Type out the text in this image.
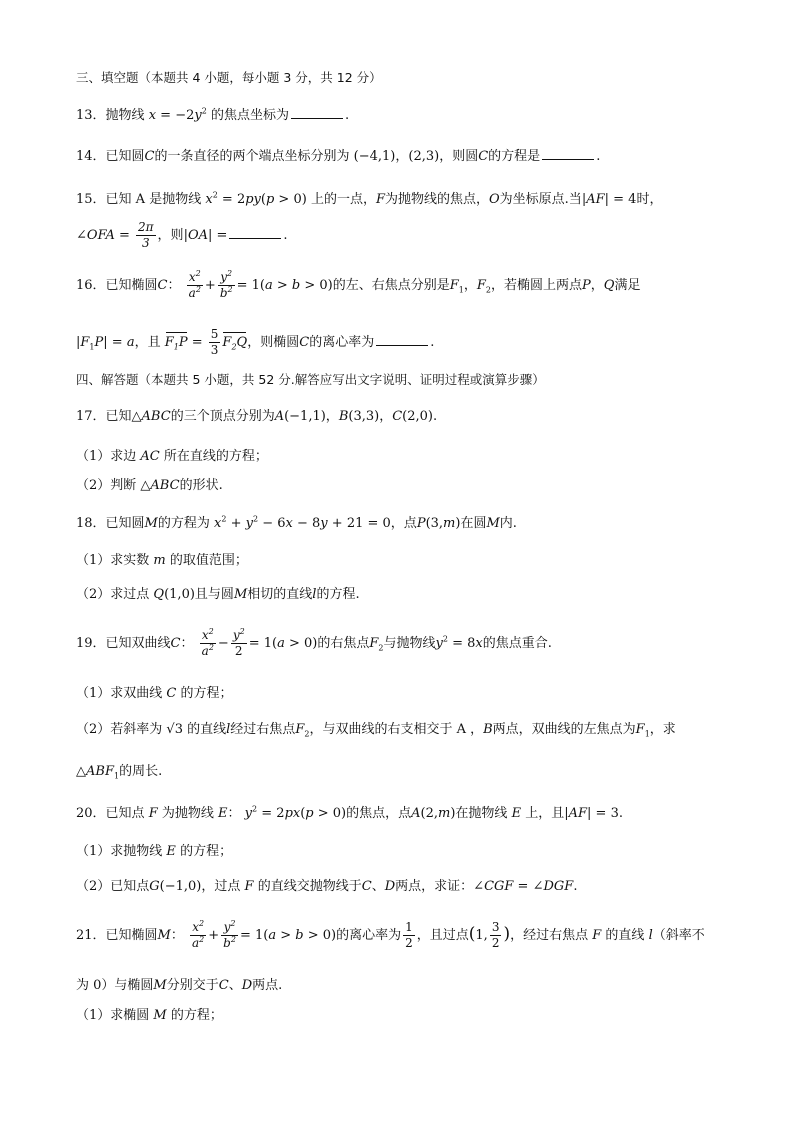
三、填空题（本题共 4 小题，每小题 3 分，共 12 分）
13．抛物线 $x = -2y^2$ 的焦点坐标为	.
14．已知圆C的一条直径的两个端点坐标分别为 (−4,1)，(2,3)，则圆C的方程是	.
15．已知 A 是抛物线 $x^2 = 2py(p > 0)$ 上的一点，F为抛物线的焦点，O为坐标原点.当|AF| = 4时，
∠OFA = $\frac{2\pi}{3}$ ，则|OA| =	.
16．已知椭圆C： $\frac{x^2}{a^2} + \frac{y^2}{b^2} = 1(a > b > 0)$的左、右焦点分别是$F_1$，$F_2$，若椭圆上两点P，Q满足
$|F_1P| = a$，且 $F_1P = \frac{5}{3} F_2Q$，则椭圆C的离心率为	.
四、解答题（本题共 5 小题，共 52 分.解答应写出文字说明、证明过程或演算步骤）
17．已知△ABC的三个顶点分别为A(−1,1)，B(3,3)，C(2,0).
（1）求边 AC 所在直线的方程；
（2）判断 △ABC的形状.
18．已知圆M的方程为 $x^2 + y^2 - 6x - 8y + 21 = 0$，点P(3,m)在圆M内.
（1）求实数 m 的取值范围；
（2）求过点 Q(1,0)且与圆M相切的直线l的方程.
19．已知双曲线C： $\frac{x^2}{a^2} - \frac{y^2}{2} = 1(a > 0)$的右焦点$F_2$与抛物线$y^2 = 8x$的焦点重合.
（1）求双曲线 C 的方程；
（2）若斜率为 √3 的直线l经过右焦点$F_2$，与双曲线的右支相交于 A ，B两点，双曲线的左焦点为$F_1$，求
$\triangle ABF_1$的周长.
20．已知点 F 为抛物线 E： $y^2 = 2px(p > 0)$的焦点，点A(2,m)在抛物线 E 上，且|AF| = 3.
（1）求抛物线 E 的方程；
（2）已知点G(−1,0)，过点 F 的直线交抛物线于C、D两点，求证：∠CGF = ∠DGF.
21．已知椭圆M： $\frac{x^2}{a^2} + \frac{y^2}{b^2} = 1(a > b > 0)$的离心率为 $\frac{1}{2}$ ，且过点(1, $\frac{3}{2}$ )，经过右焦点 F 的直线 l（斜率不
为 0）与椭圆M分别交于C、D两点.
（1）求椭圆 M 的方程；
